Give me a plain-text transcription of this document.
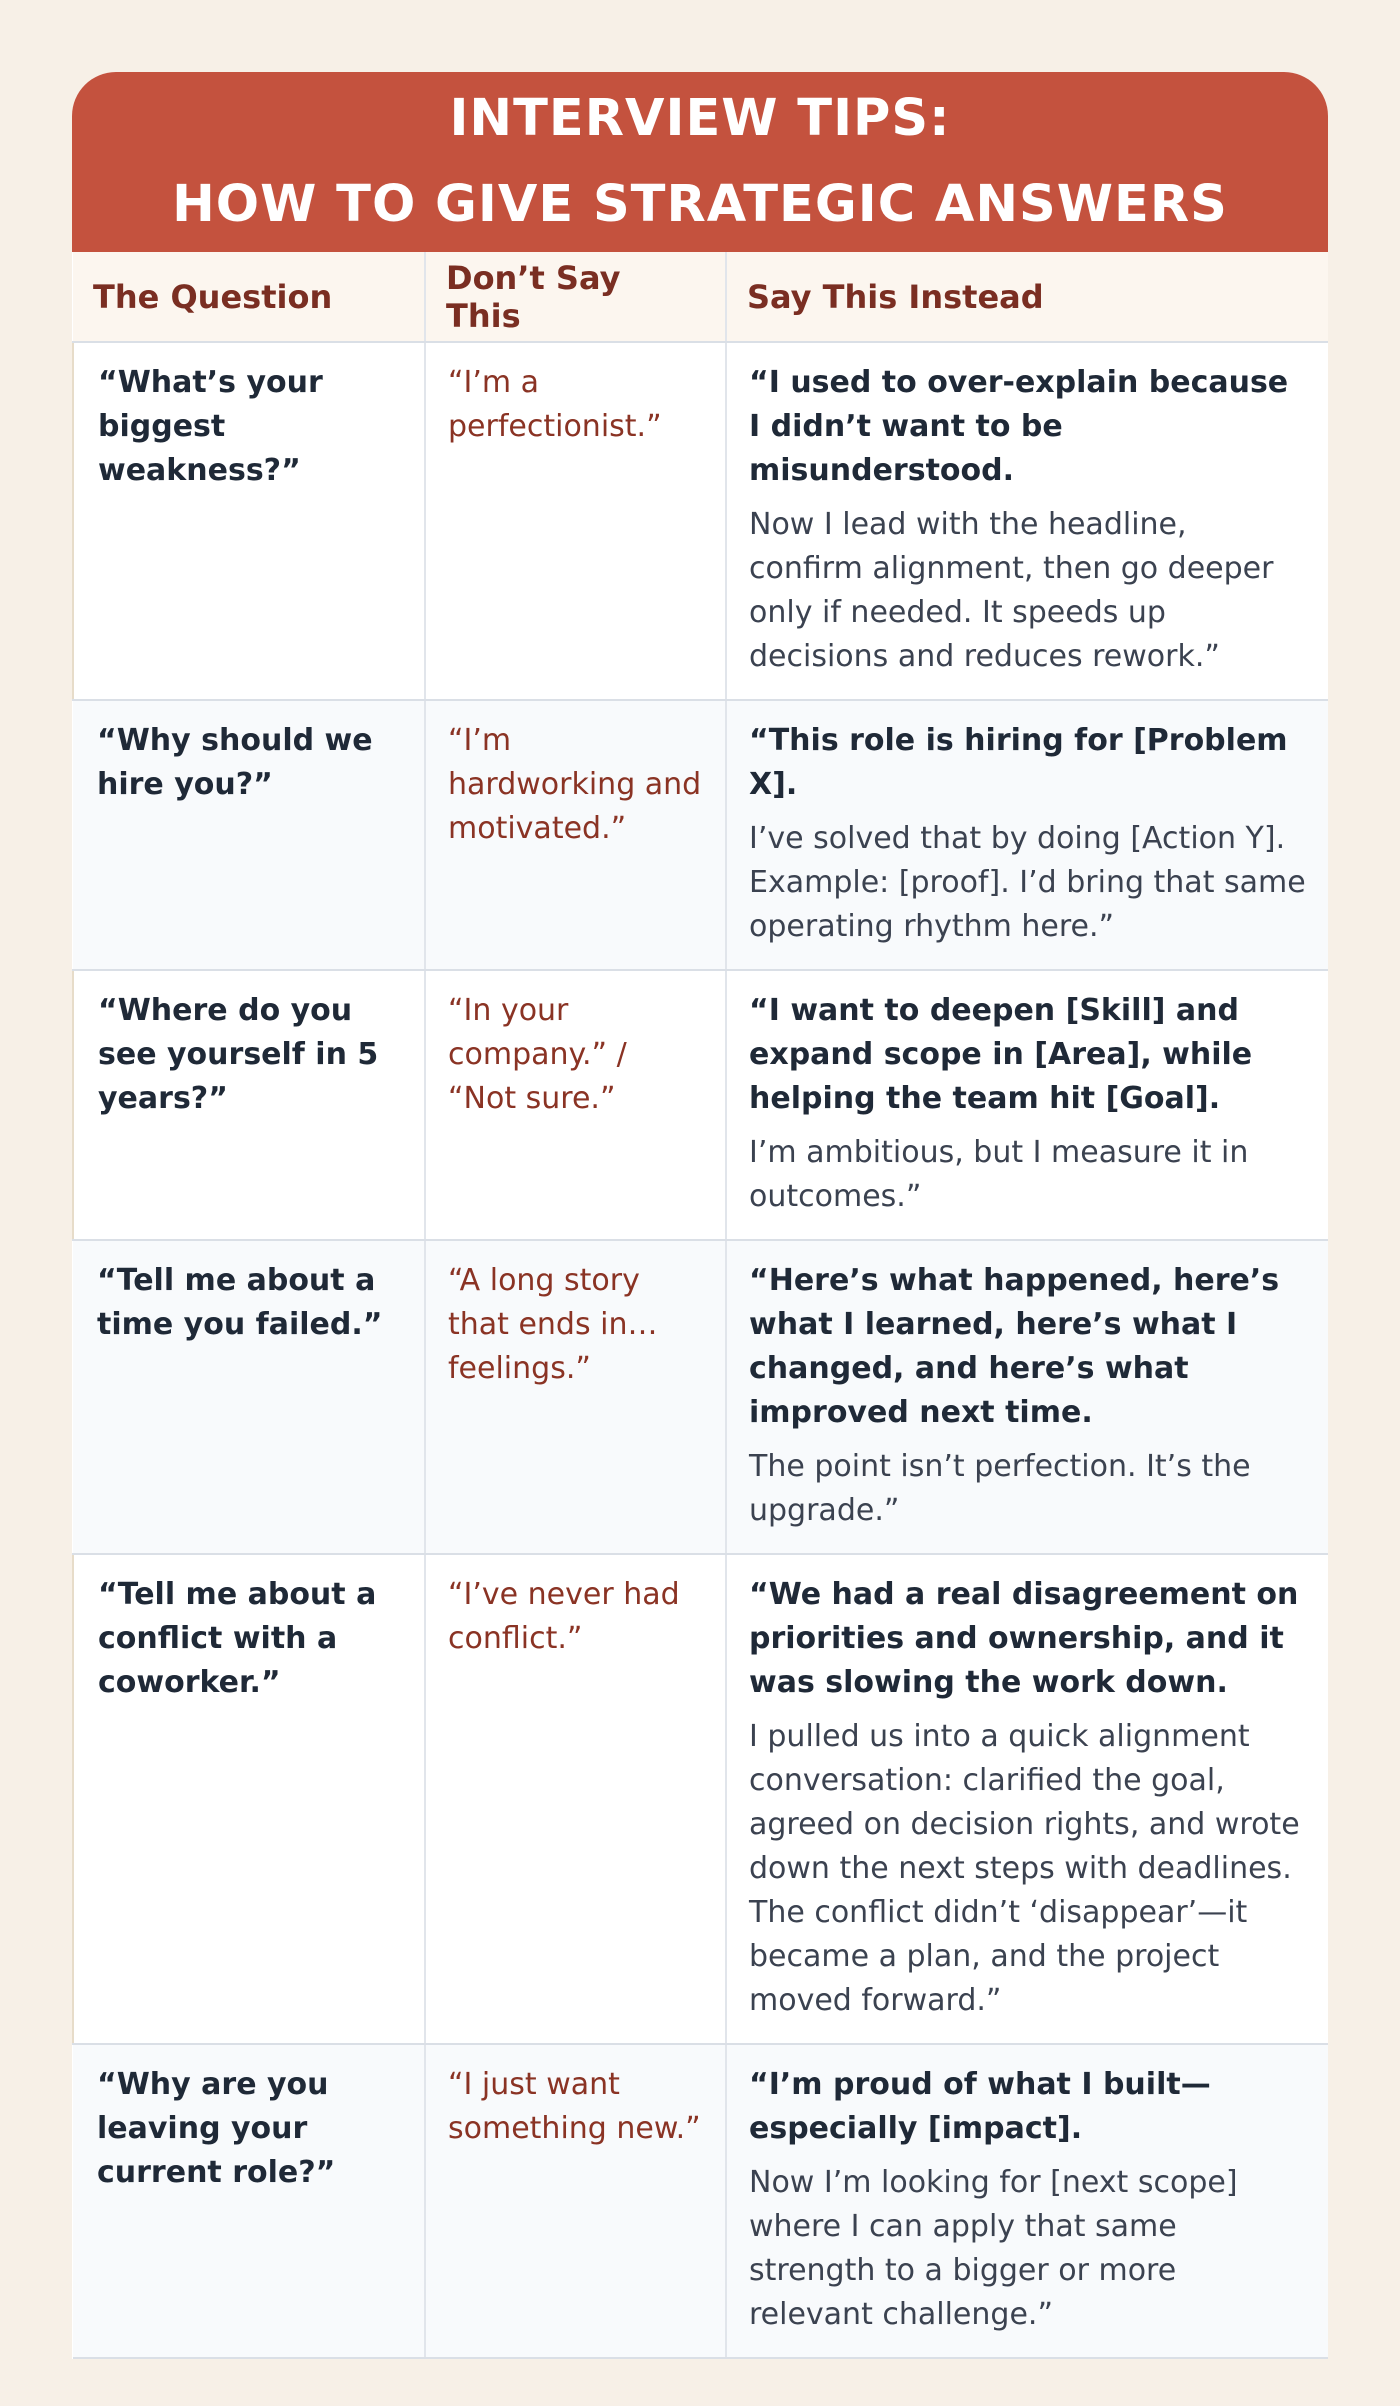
INTERVIEW TIPS:
HOW TO GIVE STRATEGIC ANSWERS
The Question	Don’t Say This	Say This Instead
“What’s your biggest weakness?”	“I’m a perfectionist.”	“I used to over-explain because I didn’t want to be misunderstood.
Now I lead with the headline, confirm alignment, then go deeper only if needed. It speeds up decisions and reduces rework.”

“Why should we hire you?”	“I’m hardworking and motivated.”	“This role is hiring for [Problem X].
I’ve solved that by doing [Action Y]. Example: [proof]. I’d bring that same operating rhythm here.”

“Where do you see yourself in 5 years?”	“In your company.” / “Not sure.”	“I want to deepen [Skill] and expand scope in [Area], while helping the team hit [Goal].
I’m ambitious, but I measure it in outcomes.”

“Tell me about a time you failed.”	“A long story that ends in… feelings.”	“Here’s what happened, here’s what I learned, here’s what I changed, and here’s what improved next time.
The point isn’t perfection. It’s the upgrade.”

“Tell me about a conflict with a coworker.”	“I’ve never had conflict.”	“We had a real disagreement on priorities and ownership, and it was slowing the work down.
I pulled us into a quick alignment conversation: clarified the goal, agreed on decision rights, and wrote down the next steps with deadlines. The conflict didn’t ‘disappear’—it became a plan, and the project moved forward.”

“Why are you leaving your current role?”	“I just want something new.”	“I’m proud of what I built—especially [impact].
Now I’m looking for [next scope] where I can apply that same strength to a bigger or more relevant challenge.”
